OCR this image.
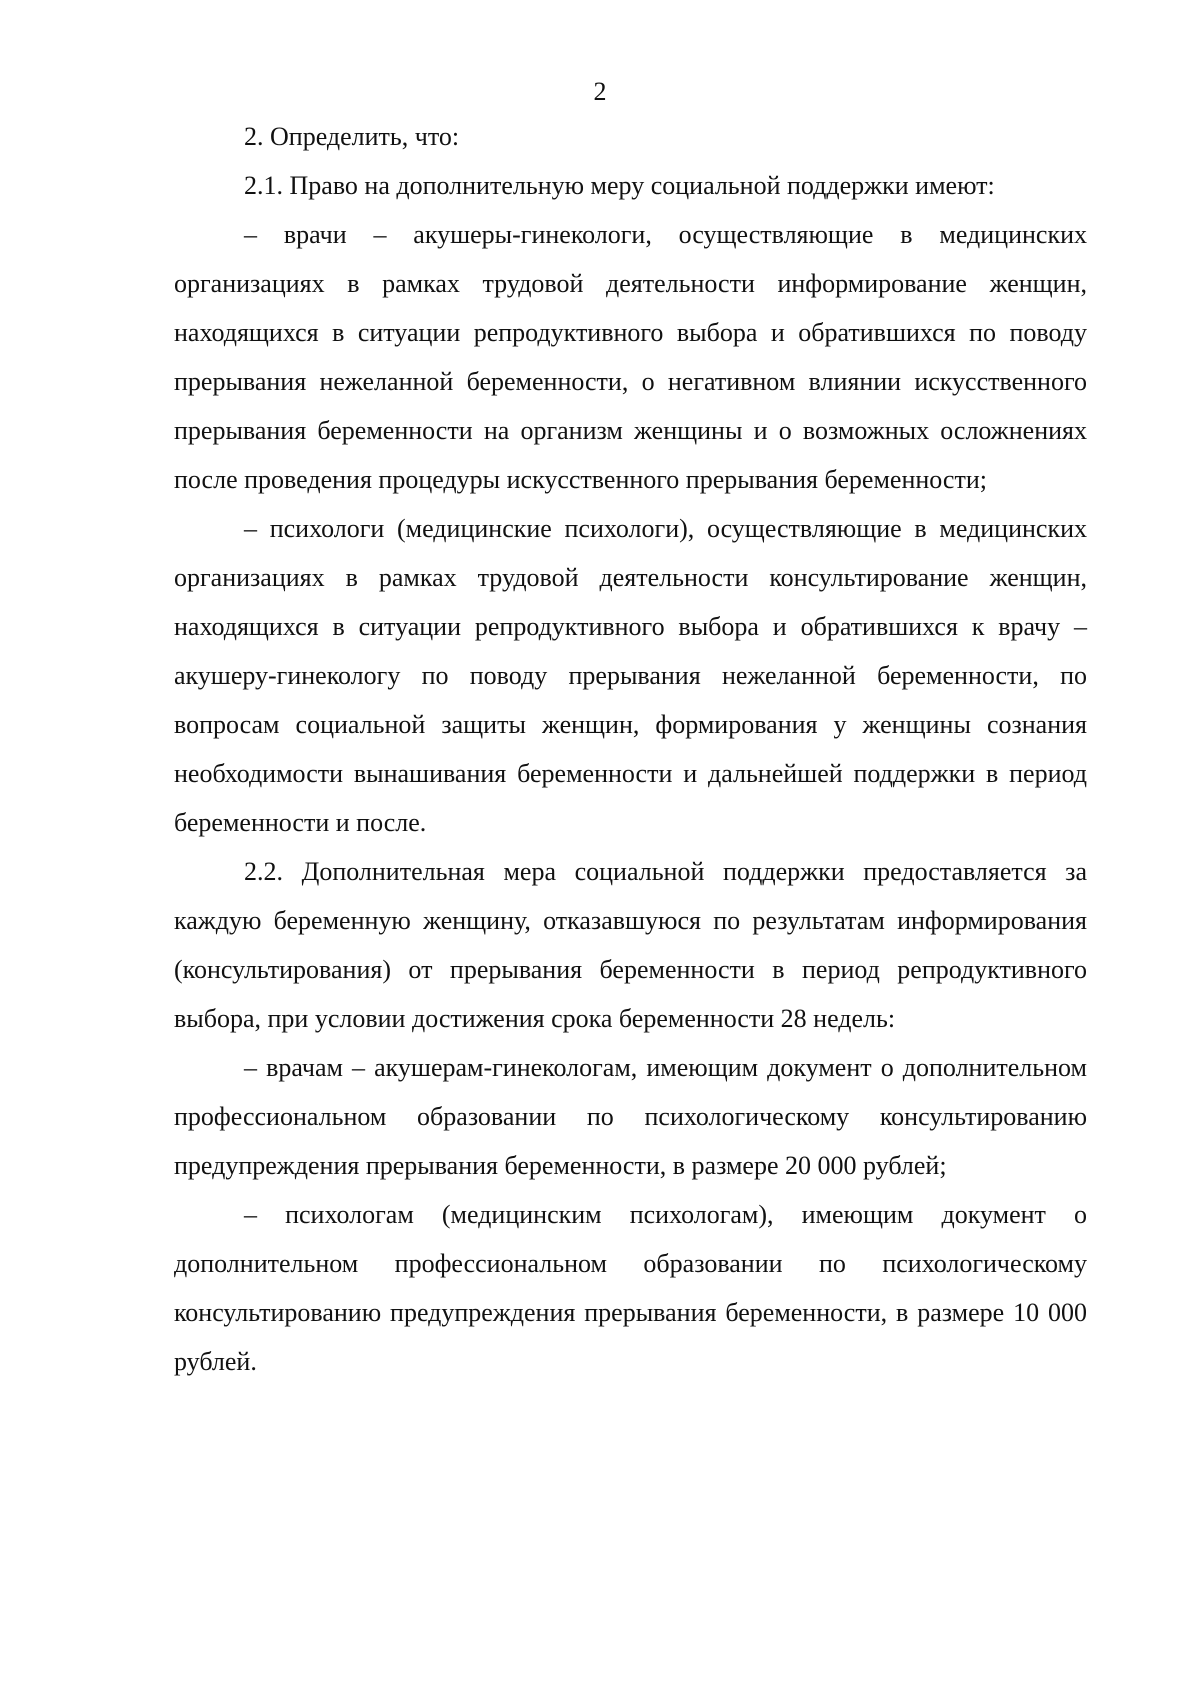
2

2. Определить, что:

2.1. Право на дополнительную меру социальной поддержки имеют:

– врачи – акушеры-гинекологи, осуществляющие в медицинских организациях в рамках трудовой деятельности информирование женщин, находящихся в ситуации репродуктивного выбора и обратившихся по поводу прерывания нежеланной беременности, о негативном влиянии искусственного прерывания беременности на организм женщины и о возможных осложнениях после проведения процедуры искусственного прерывания беременности;

– психологи (медицинские психологи), осуществляющие в медицинских организациях в рамках трудовой деятельности консультирование женщин, находящихся в ситуации репродуктивного выбора и обратившихся к врачу – акушеру-гинекологу по поводу прерывания нежеланной беременности, по вопросам социальной защиты женщин, формирования у женщины сознания необходимости вынашивания беременности и дальнейшей поддержки в период беременности и после.

2.2. Дополнительная мера социальной поддержки предоставляется за каждую беременную женщину, отказавшуюся по результатам информирования (консультирования) от прерывания беременности в период репродуктивного выбора, при условии достижения срока беременности 28 недель:

– врачам – акушерам-гинекологам, имеющим документ о дополнительном профессиональном образовании по психологическому консультированию предупреждения прерывания беременности, в размере 20 000 рублей;

– психологам (медицинским психологам), имеющим документ о дополнительном профессиональном образовании по психологическому консультированию предупреждения прерывания беременности, в размере 10 000 рублей.
